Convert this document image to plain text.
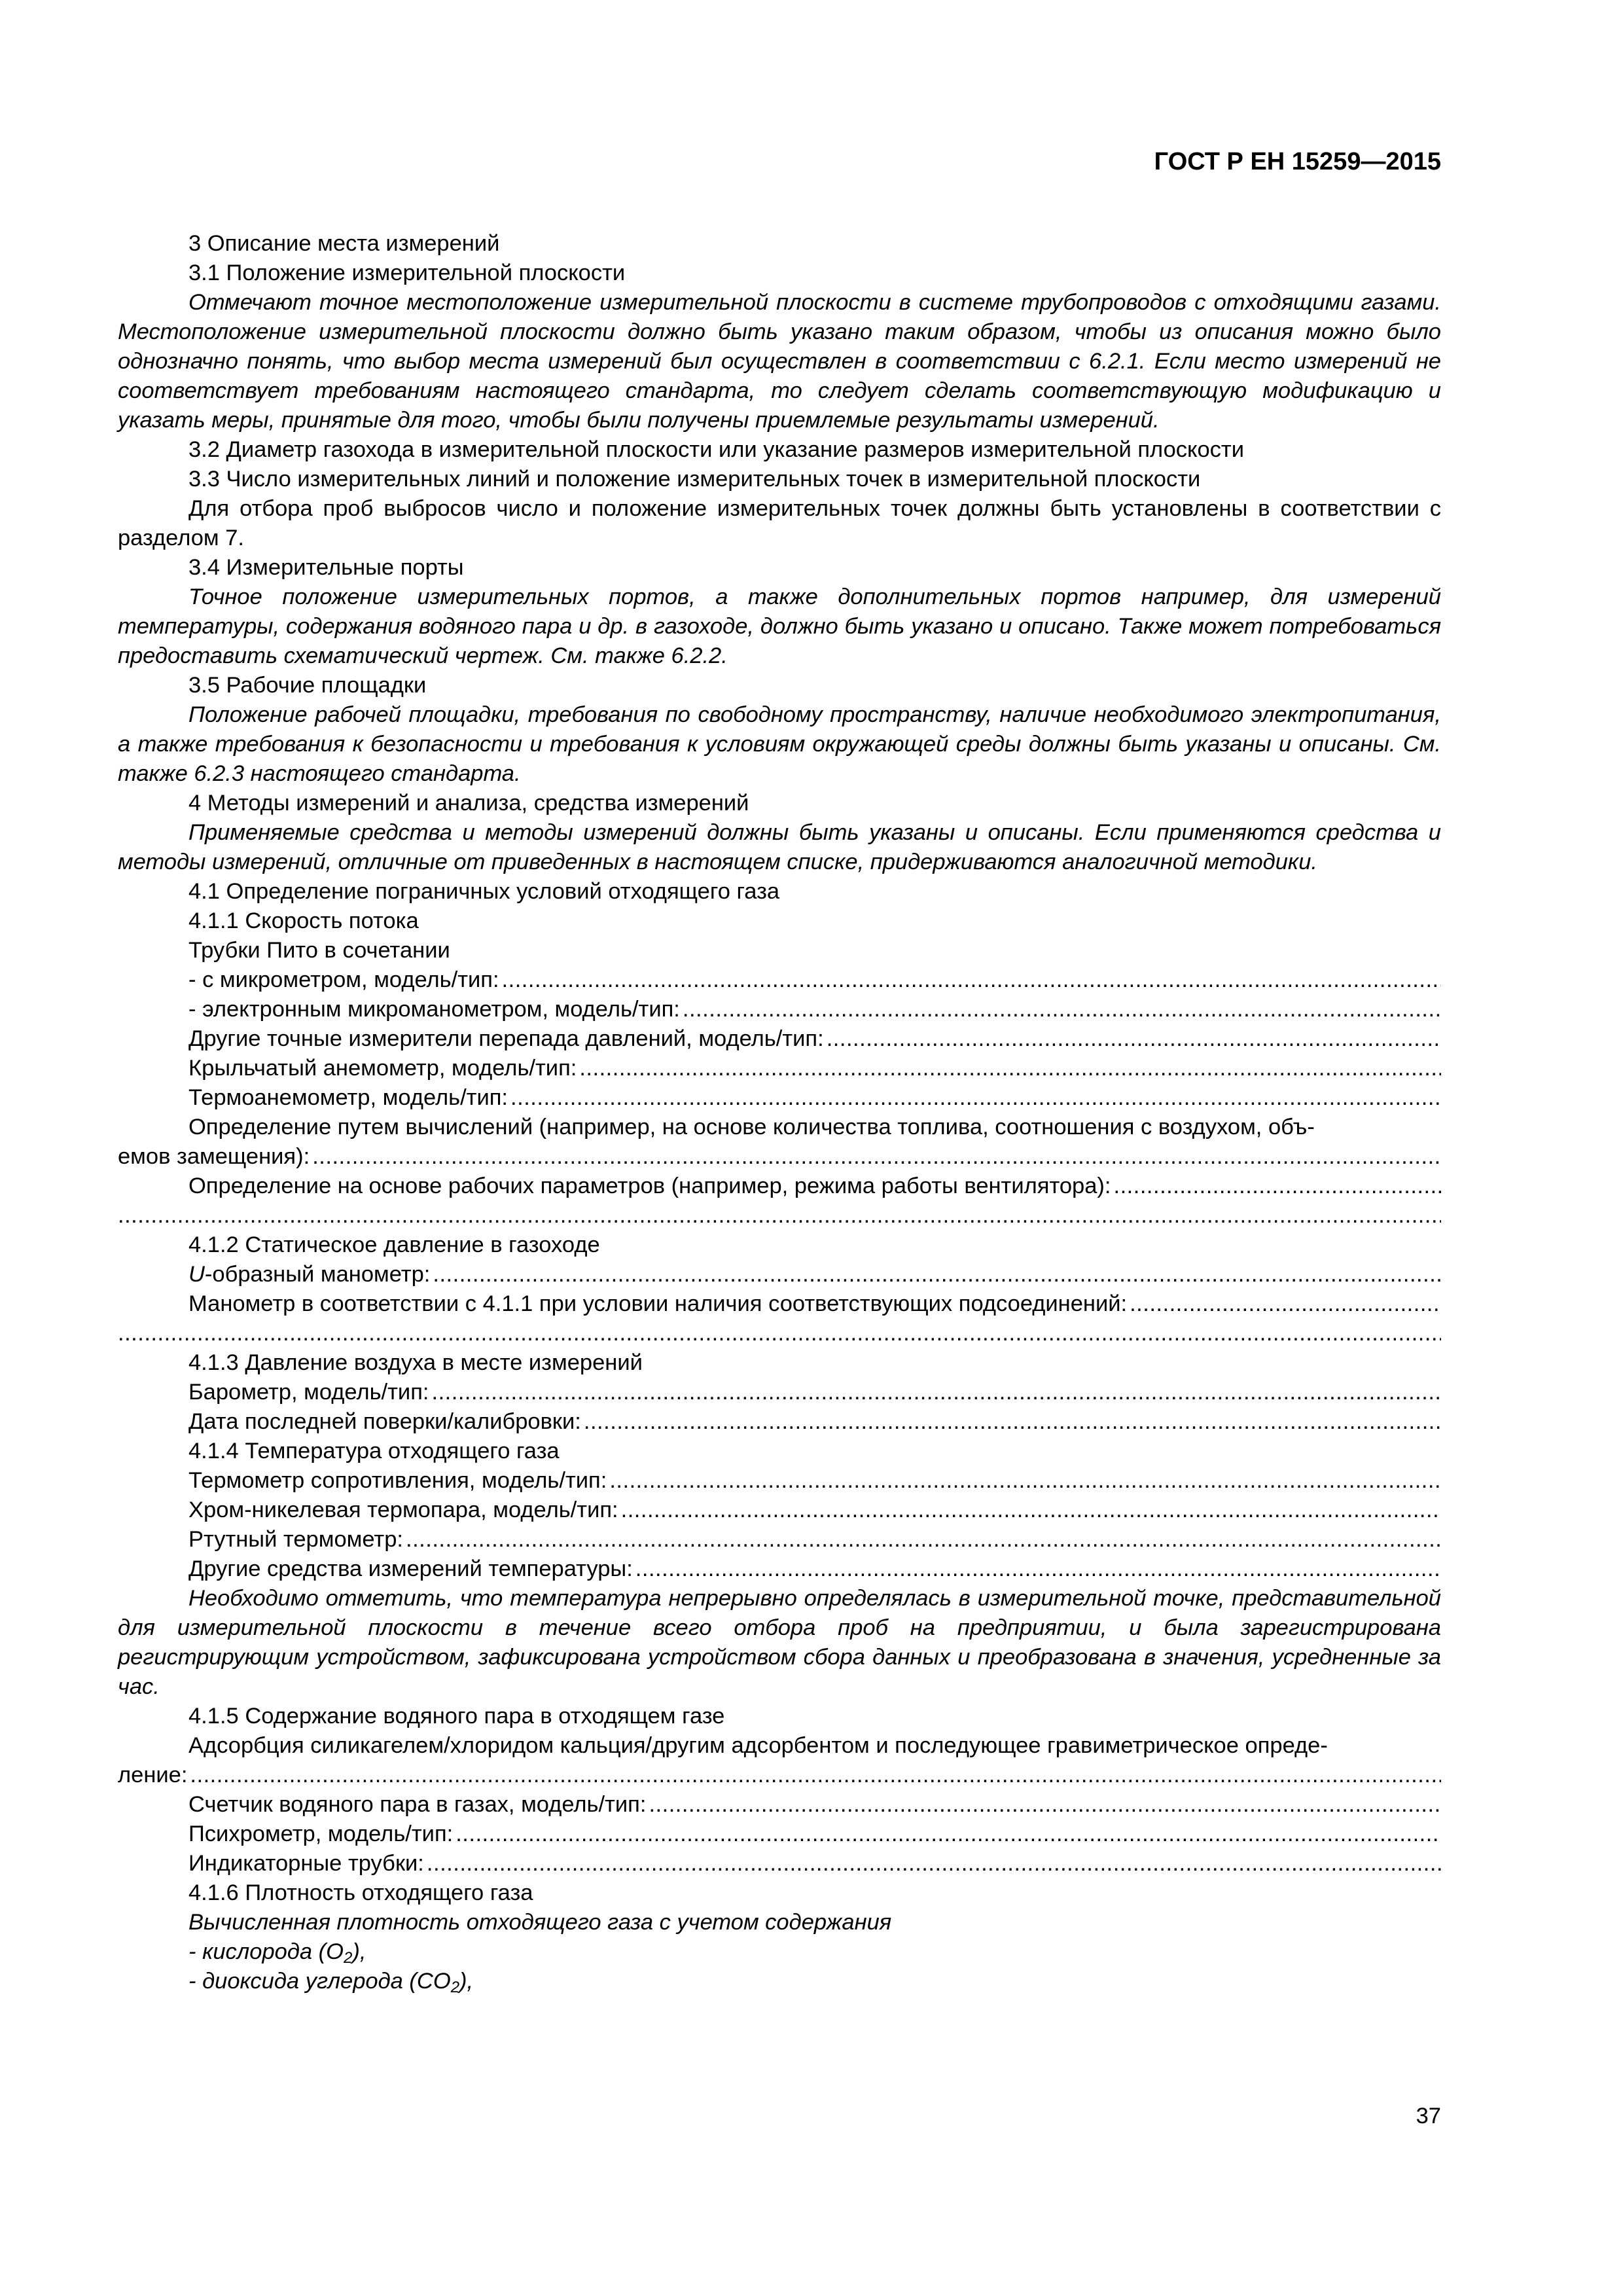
ГОСТ Р ЕН 15259—2015

3 Описание места измерений

3.1 Положение измерительной плоскости

Отмечают точное местоположение измерительной плоскости в системе трубопроводов с отходящими газами. Местоположение измерительной плоскости должно быть указано таким образом, чтобы из описания можно было однозначно понять, что выбор места измерений был осуществлен в соответствии с 6.2.1. Если место измерений не соответствует требованиям настоящего стандарта, то следует сделать соответствующую модификацию и указать меры, принятые для того, чтобы были получены приемлемые результаты измерений.

3.2 Диаметр газохода в измерительной плоскости или указание размеров измерительной плоскости

3.3 Число измерительных линий и положение измерительных точек в измерительной плоскости

Для отбора проб выбросов число и положение измерительных точек должны быть установлены в соответствии с разделом 7.

3.4 Измерительные порты

Точное положение измерительных портов, а также дополнительных портов например, для измерений температуры, содержания водяного пара и др. в газоходе, должно быть указано и описано. Также может потребоваться предоставить схематический чертеж. См. также 6.2.2.

3.5 Рабочие площадки

Положение рабочей площадки, требования по свободному пространству, наличие необходимого электропитания, а также требования к безопасности и требования к условиям окружающей среды должны быть указаны и описаны. См. также 6.2.3 настоящего стандарта.

4 Методы измерений и анализа, средства измерений

Применяемые средства и методы измерений должны быть указаны и описаны. Если применяются средства и методы измерений, отличные от приведенных в настоящем списке, придерживаются аналогичной методики.

4.1 Определение пограничных условий отходящего газа

4.1.1 Скорость потока

Трубки Пито в сочетании

- с микрометром, модель/тип:
.....
- электронным микроманометром, модель/тип:
.....
Другие точные измерители перепада давлений, модель/тип:
.....
Крыльчатый анемометр, модель/тип:
.....
Термоанемометр, модель/тип:
.....
Определение путем вычислений (например, на основе количества топлива, соотношения с воздухом, объ-
емов замещения):
.....
Определение на основе рабочих параметров (например, режима работы вентилятора):
.....
.....

4.1.2 Статическое давление в газоходе

U-образный манометр:
.....
Манометр в соответствии с 4.1.1 при условии наличия соответствующих подсоединений:
.....
.....

4.1.3 Давление воздуха в месте измерений

Барометр, модель/тип:
.....
Дата последней поверки/калибровки:
.....

4.1.4 Температура отходящего газа

Термометр сопротивления, модель/тип:
.....
Хром-никелевая термопара, модель/тип:
.....
Ртутный термометр:
.....
Другие средства измерений температуры:
.....

Необходимо отметить, что температура непрерывно определялась в измерительной точке, представительной для измерительной плоскости в течение всего отбора проб на предприятии, и была зарегистрирована регистрирующим устройством, зафиксирована устройством сбора данных и преобразована в значения, усредненные за час.

4.1.5 Содержание водяного пара в отходящем газе

Адсорбция силикагелем/хлоридом кальция/другим адсорбентом и последующее гравиметрическое опреде-
ление:
.....
Счетчик водяного пара в газах, модель/тип:
.....
Психрометр, модель/тип:
.....
Индикаторные трубки:
.....

4.1.6 Плотность отходящего газа

Вычисленная плотность отходящего газа с учетом содержания

- кислорода $(O_2)$,

- диоксида углерода $(CO_2)$,

37
